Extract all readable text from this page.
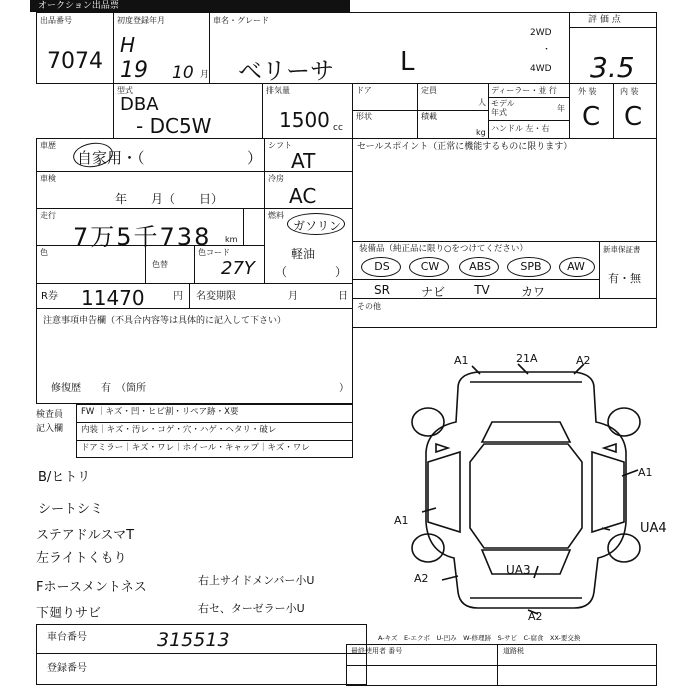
オークション出品票
出品番号
7074
初度登録年月
H
19 10 月
車名・グレード
ベリーサ	L
2WD
・
4WD
評 価 点
3.5
型式
DBA
- DC5W
排気量
1500 cc
ドア
形状
定員
人
積載
kg
ディーラー・並 行
モデル 年式	年
ハンドル 左・右
外 装	内 装
C C
車歴
自家用・（	）
シフト
AT
車検
年　　月（　　日）
冷房
AC
走行
7万5千738 km
燃料
ガソリン
軽油
（　　　　）
色
色替
色コード
27Y
R券 11470	円 名変期限	月	日
セールスポイント（正常に機能するものに限ります）
装備品（純正品に限り○をつけてください）
DS	CW	ABS	SPB	AW
SR	ナビ	TV	カワ
新車保証書
有・無
その他
注意事項申告欄（不具合内容等は具体的に記入して下さい）
修復歴　　有　（箇所	）
検査員 記入欄
FW ｜キズ・凹・ヒビ割・リペア跡・X要
内装｜キズ・汚レ・コゲ・穴・ハゲ・ヘタリ・破レ
ドアミラー｜キズ・ワレ｜ホイール・キャップ｜キズ・ワレ
B/ヒトリ
シートシミ
ステアドルスマT
左ライトくもり
Fホースメントネス
下廻りサビ
右上サイドメンバー小U
右セ、ターゼラー小U
A1	21A	A2
A1
A1
UA4
A2
UA3
A2
車台番号	315513
登録番号
A-キズ　E-エクボ　U-凹み　W-修理跡　S-サビ　C-腐食　XX-要交換
最終使用者 番号	道路税
